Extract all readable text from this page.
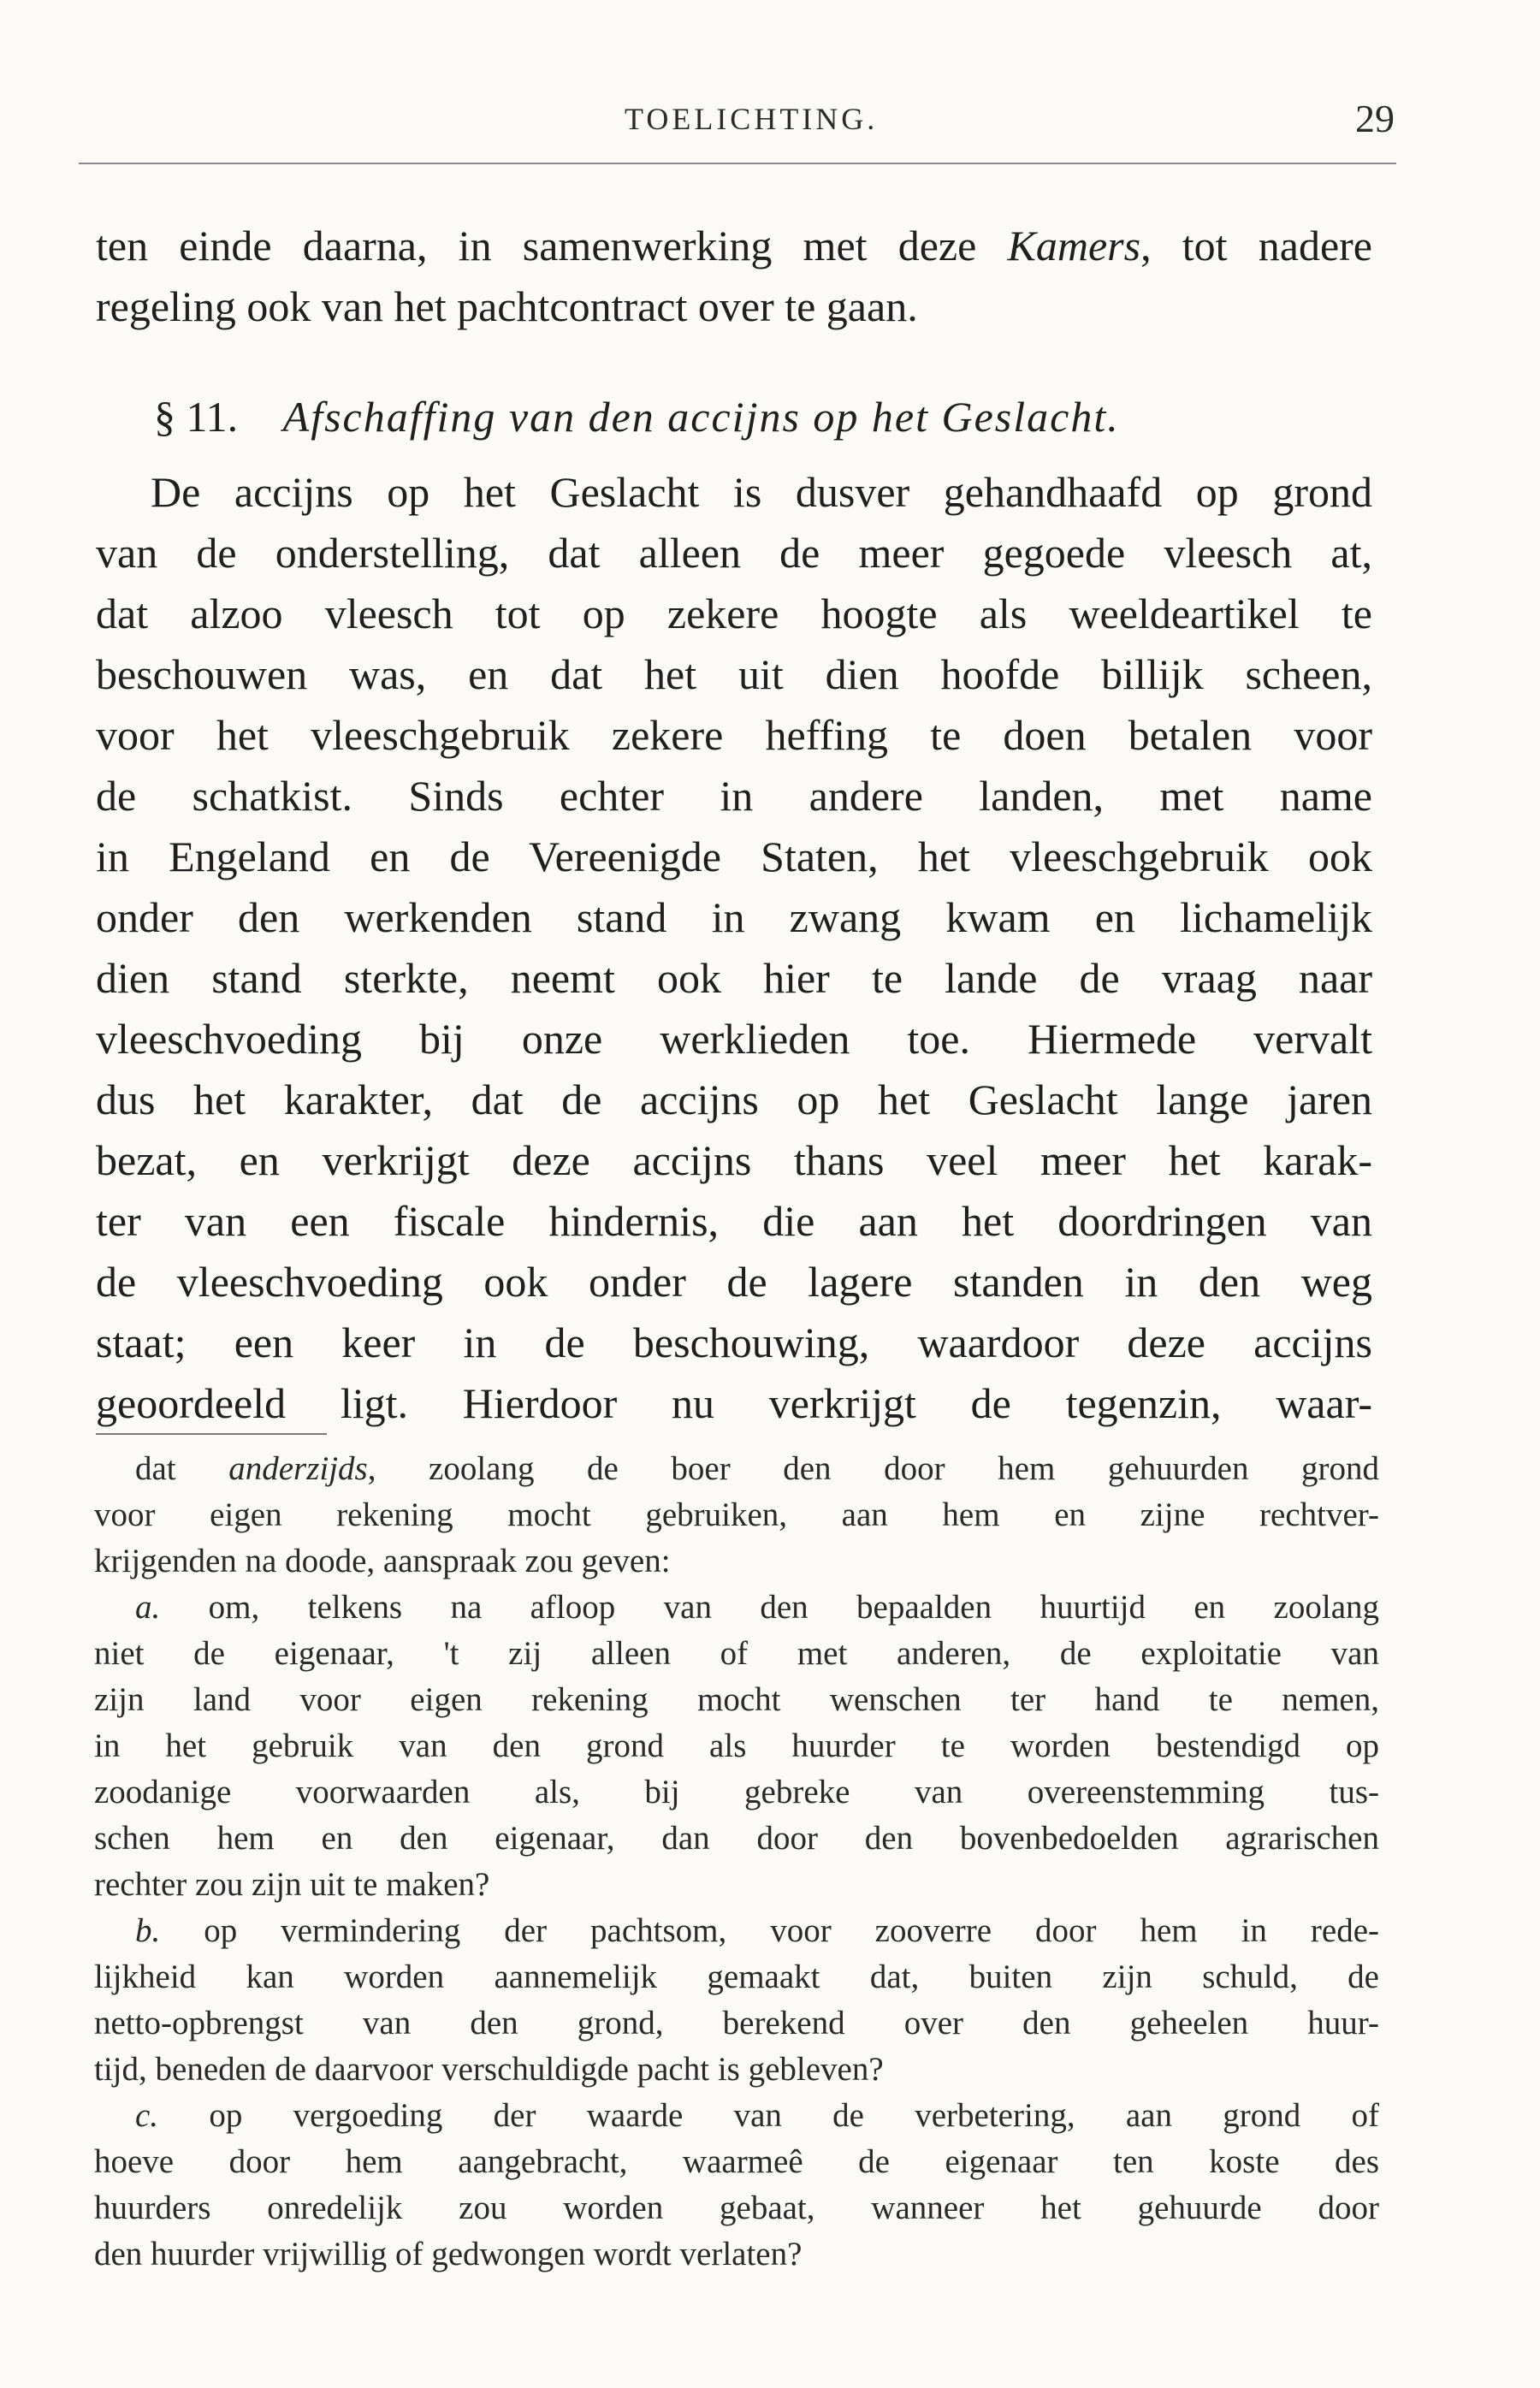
TOELICHTING.	29
ten einde daarna, in samenwerking met deze Kamers, tot nadere
regeling ook van het pachtcontract over te gaan.
§ 11. Afschaffing van den accijns op het Geslacht.
De accijns op het Geslacht is dusver gehandhaafd op grond
van de onderstelling, dat alleen de meer gegoede vleesch at,
dat alzoo vleesch tot op zekere hoogte als weeldeartikel te
beschouwen was, en dat het uit dien hoofde billijk scheen,
voor het vleeschgebruik zekere heffing te doen betalen voor
de schatkist. Sinds echter in andere landen, met name
in Engeland en de Vereenigde Staten, het vleeschgebruik ook
onder den werkenden stand in zwang kwam en lichamelijk
dien stand sterkte, neemt ook hier te lande de vraag naar
vleeschvoeding bij onze werklieden toe. Hiermede vervalt
dus het karakter, dat de accijns op het Geslacht lange jaren
bezat, en verkrijgt deze accijns thans veel meer het karak-
ter van een fiscale hindernis, die aan het doordringen van
de vleeschvoeding ook onder de lagere standen in den weg
staat; een keer in de beschouwing, waardoor deze accijns
geoordeeld ligt. Hierdoor nu verkrijgt de tegenzin, waar-
dat anderzijds, zoolang de boer den door hem gehuurden grond
voor eigen rekening mocht gebruiken, aan hem en zijne rechtver-
krijgenden na doode, aanspraak zou geven:
a. om, telkens na afloop van den bepaalden huurtijd en zoolang
niet de eigenaar, 't zij alleen of met anderen, de exploitatie van
zijn land voor eigen rekening mocht wenschen ter hand te nemen,
in het gebruik van den grond als huurder te worden bestendigd op
zoodanige voorwaarden als, bij gebreke van overeenstemming tus-
schen hem en den eigenaar, dan door den bovenbedoelden agrarischen
rechter zou zijn uit te maken?
b. op vermindering der pachtsom, voor zooverre door hem in rede-
lijkheid kan worden aannemelijk gemaakt dat, buiten zijn schuld, de
netto-opbrengst van den grond, berekend over den geheelen huur-
tijd, beneden de daarvoor verschuldigde pacht is gebleven?
c. op vergoeding der waarde van de verbetering, aan grond of
hoeve door hem aangebracht, waarmeê de eigenaar ten koste des
huurders onredelijk zou worden gebaat, wanneer het gehuurde door
den huurder vrijwillig of gedwongen wordt verlaten?
